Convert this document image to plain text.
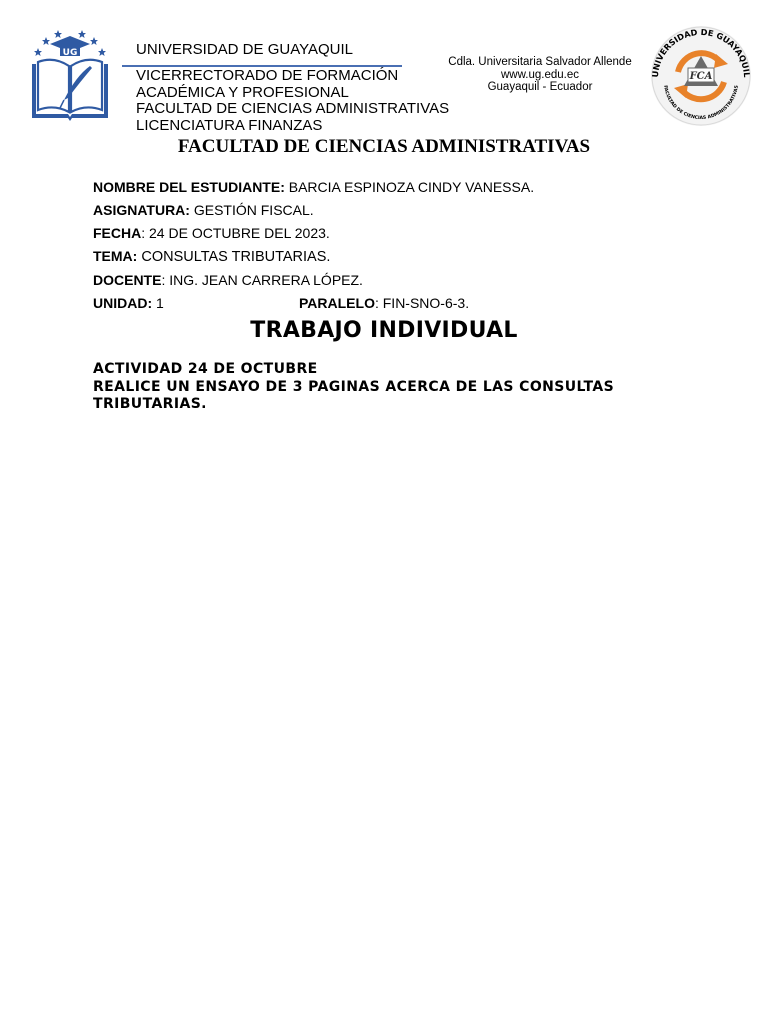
UG	UNIVERSIDAD DE GUAYAQUIL
VICERRECTORADO DE FORMACIÓN
ACADÉMICA Y PROFESIONAL
FACULTAD DE CIENCIAS ADMINISTRATIVAS
LICENCIATURA FINANZAS
Cdla. Universitaria Salvador Allende
www.ug.edu.ec
Guayaquil - Ecuador
UNIVERSIDAD DE GUAYAQUIL
FACULTAD DE CIENCIAS ADMINISTRATIVAS
FCA
FACULTAD DE CIENCIAS ADMINISTRATIVAS
NOMBRE DEL ESTUDIANTE: BARCIA ESPINOZA CINDY VANESSA.
ASIGNATURA: GESTIÓN FISCAL.
FECHA: 24 DE OCTUBRE DEL 2023.
TEMA: CONSULTAS TRIBUTARIAS.
DOCENTE: ING. JEAN CARRERA LÓPEZ.
UNIDAD: 1	PARALELO: FIN-SNO-6-3.
TRABAJO INDIVIDUAL
ACTIVIDAD 24 DE OCTUBRE
REALICE UN ENSAYO DE 3 PAGINAS ACERCA DE LAS CONSULTAS TRIBUTARIAS.
